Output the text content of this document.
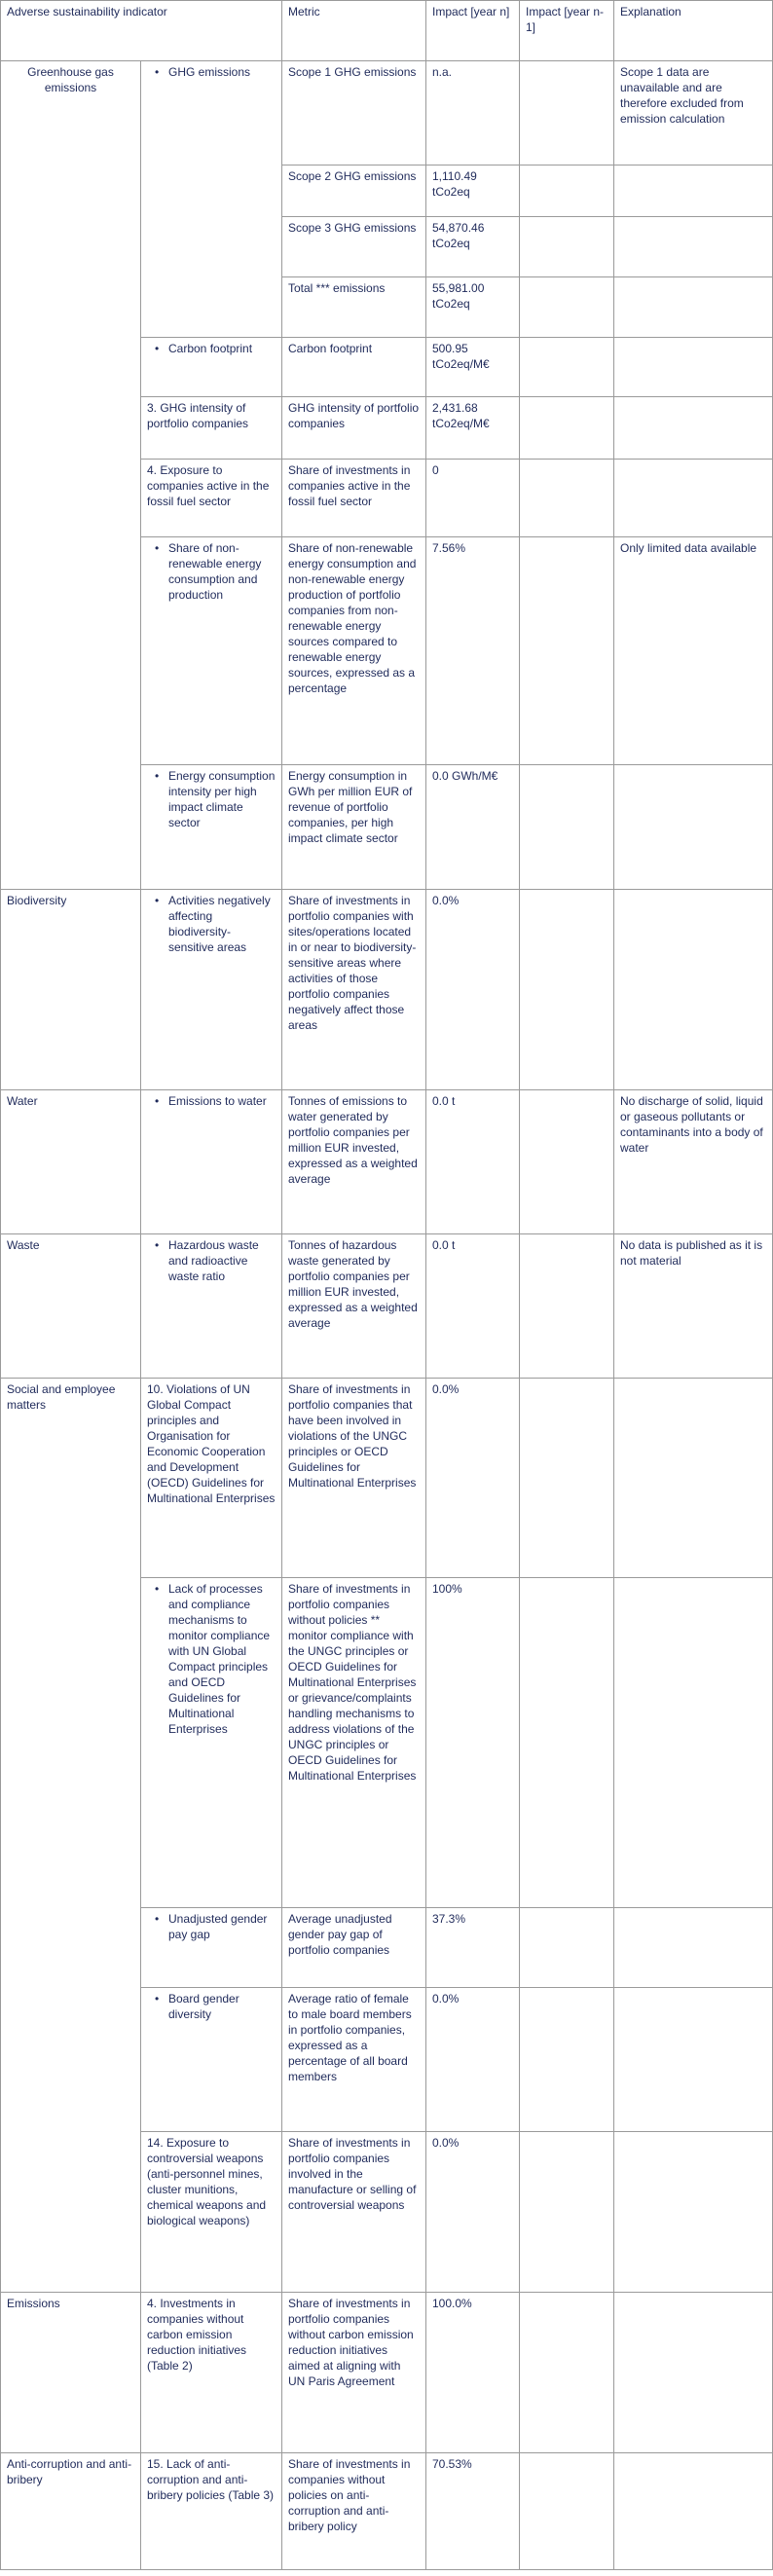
Adverse sustainability indicator		Metric	Impact [year n]	Impact [year n-1]	Explanation
Greenhouse gas emissions	• GHG emissions	Scope 1 GHG emissions	n.a.		Scope 1 data are unavailable and are therefore excluded from emission calculation
		Scope 2 GHG emissions	1,110.49 tCo2eq		
		Scope 3 GHG emissions	54,870.46 tCo2eq		
		Total *** emissions	55,981.00 tCo2eq		

	• Carbon footprint	Carbon footprint	500.95 tCo2eq/M€		
	3. GHG intensity of portfolio companies	GHG intensity of portfolio companies	2,431.68 tCo2eq/M€		
	4. Exposure to companies active in the fossil fuel sector	Share of investments in companies active in the fossil fuel sector	0		

	• Share of non-renewable energy consumption and production	Share of non-renewable energy consumption and non-renewable energy production of portfolio companies from non-renewable energy sources compared to renewable energy sources, expressed as a percentage	7.56%		Only limited data available

	• Energy consumption intensity per high impact climate sector	Energy consumption in GWh per million EUR of revenue of portfolio companies, per high impact climate sector	0.0 GWh/M€		
Biodiversity	• Activities negatively affecting biodiversity-sensitive areas	Share of investments in portfolio companies with sites/operations located in or near to biodiversity-sensitive areas where activities of those portfolio companies negatively affect those areas	0.0%		
Water	• Emissions to water	Tonnes of emissions to water generated by portfolio companies per million EUR invested, expressed as a weighted average	0.0 t		No discharge of solid, liquid or gaseous pollutants or contaminants into a body of water
Waste	• Hazardous waste and radioactive waste ratio	Tonnes of hazardous waste generated by portfolio companies per million EUR invested, expressed as a weighted average	0.0 t		No data is published as it is not material
Social and employee matters	10. Violations of UN Global Compact principles and Organisation for Economic Cooperation and Development (OECD) Guidelines for Multinational Enterprises	Share of investments in portfolio companies that have been involved in violations of the UNGC principles or OECD Guidelines for Multinational Enterprises	0.0%		

	• Lack of processes and compliance mechanisms to monitor compliance with UN Global Compact principles and OECD Guidelines for Multinational Enterprises	Share of investments in portfolio companies without policies ** monitor compliance with the UNGC principles or OECD Guidelines for Multinational Enterprises or grievance/complaints handling mechanisms to address violations of the UNGC principles or OECD Guidelines for Multinational Enterprises	100%		

	• Unadjusted gender pay gap	Average unadjusted gender pay gap of portfolio companies	37.3%		

	• Board gender diversity	Average ratio of female to male board members in portfolio companies, expressed as a percentage of all board members	0.0%		
	14. Exposure to controversial weapons (anti-personnel mines, cluster munitions, chemical weapons and biological weapons)	Share of investments in portfolio companies involved in the manufacture or selling of controversial weapons	0.0%		
Emissions	4. Investments in companies without carbon emission reduction initiatives (Table 2)	Share of investments in portfolio companies without carbon emission reduction initiatives aimed at aligning with UN Paris Agreement	100.0%		
Anti-corruption and anti-bribery	15. Lack of anti-corruption and anti-bribery policies (Table 3)	Share of investments in companies without policies on anti-corruption and anti-bribery policy	70.53%		
